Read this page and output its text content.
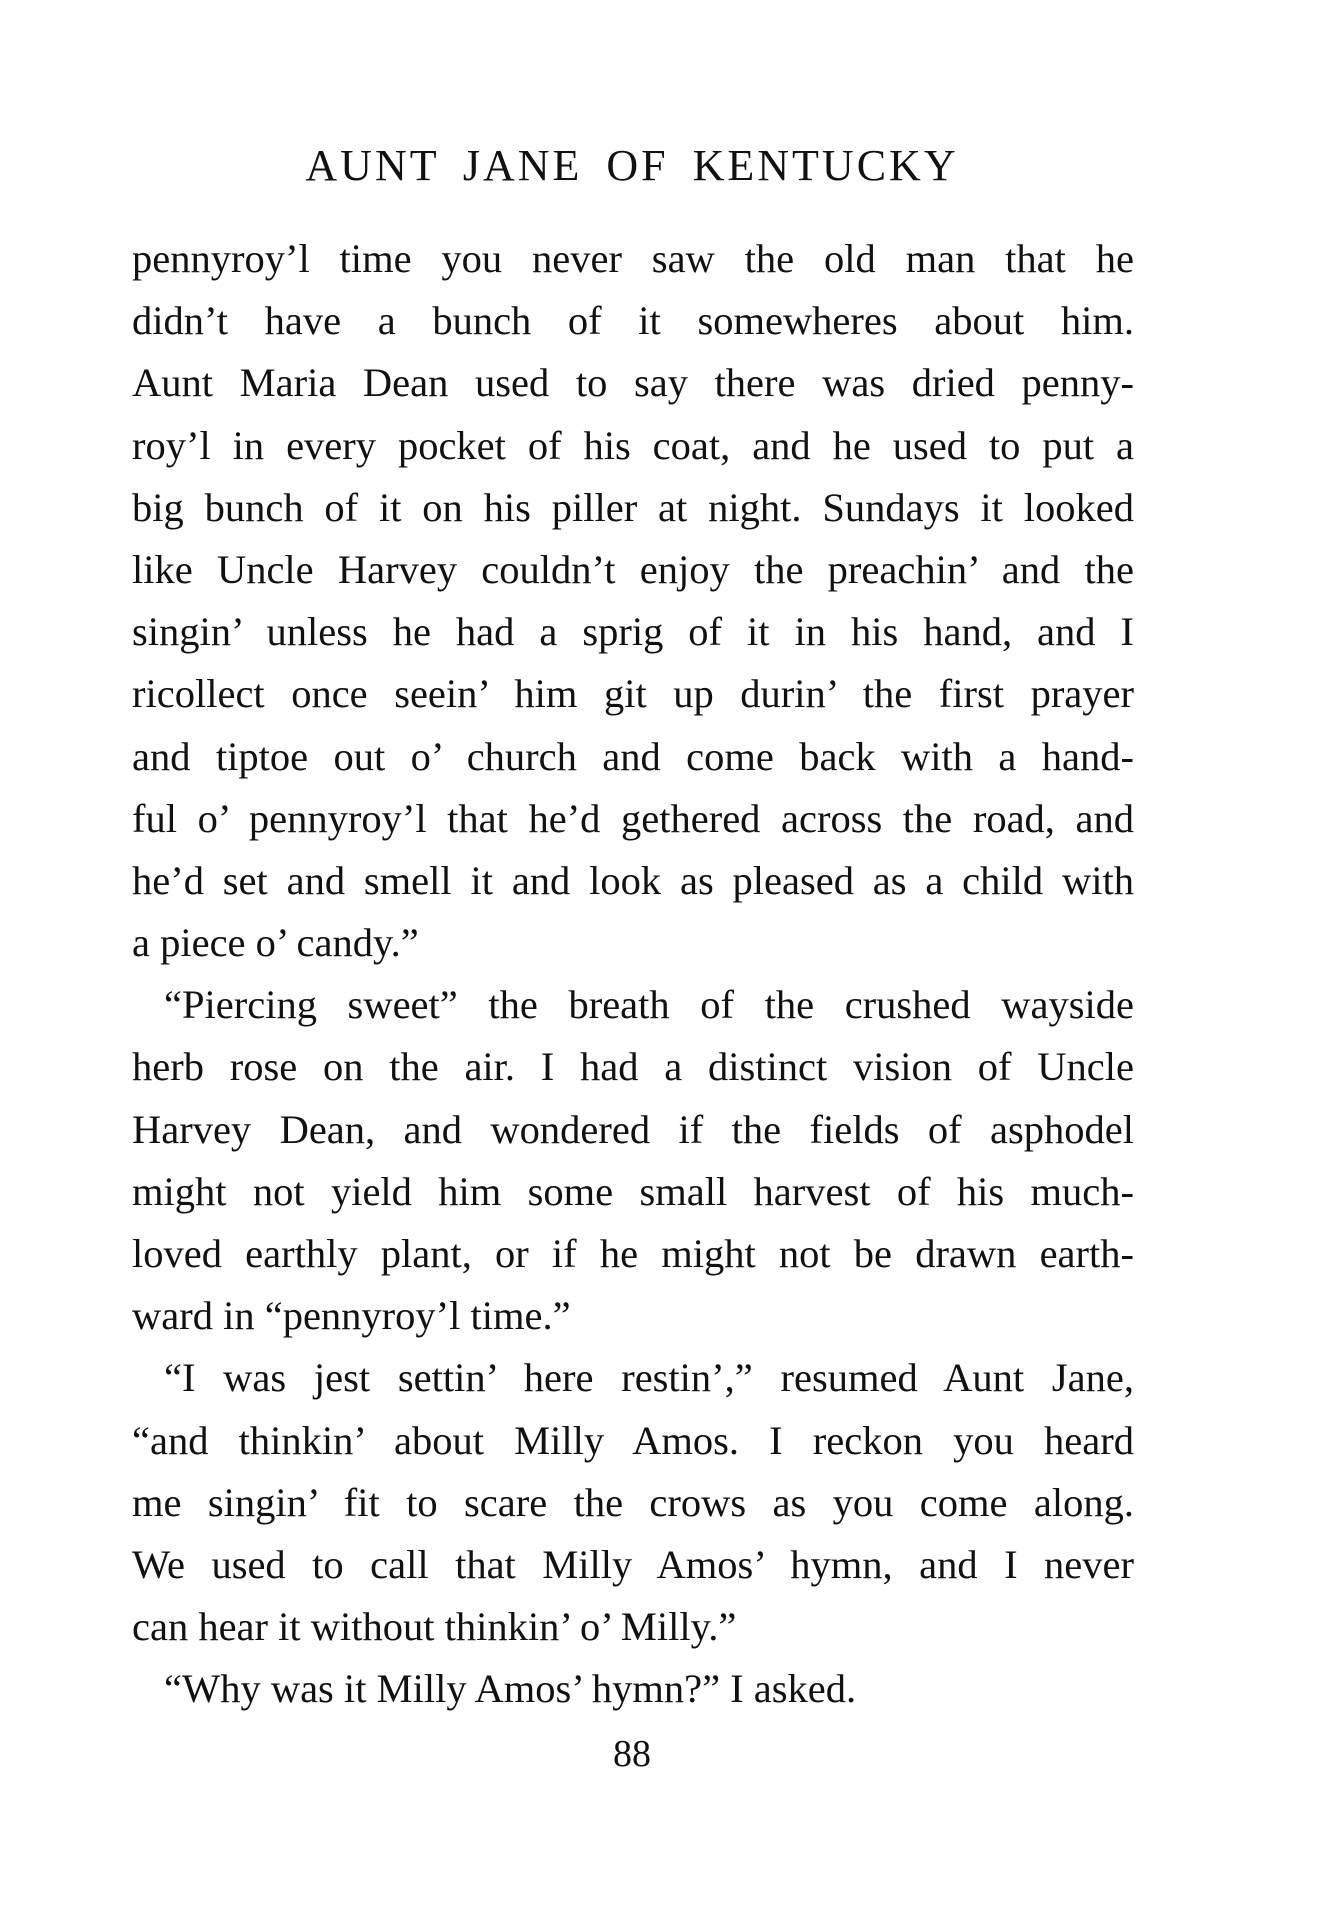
AUNT JANE OF KENTUCKY
pennyroy’l time you never saw the old man that he
didn’t have a bunch of it somewheres about him.
Aunt Maria Dean used to say there was dried penny-
roy’l in every pocket of his coat, and he used to put a
big bunch of it on his piller at night. Sundays it looked
like Uncle Harvey couldn’t enjoy the preachin’ and the
singin’ unless he had a sprig of it in his hand, and I
ricollect once seein’ him git up durin’ the first prayer
and tiptoe out o’ church and come back with a hand-
ful o’ pennyroy’l that he’d gethered across the road, and
he’d set and smell it and look as pleased as a child with
a piece o’ candy.”
“Piercing sweet” the breath of the crushed wayside
herb rose on the air. I had a distinct vision of Uncle
Harvey Dean, and wondered if the fields of asphodel
might not yield him some small harvest of his much-
loved earthly plant, or if he might not be drawn earth-
ward in “pennyroy’l time.”
“I was jest settin’ here restin’,” resumed Aunt Jane,
“and thinkin’ about Milly Amos. I reckon you heard
me singin’ fit to scare the crows as you come along.
We used to call that Milly Amos’ hymn, and I never
can hear it without thinkin’ o’ Milly.”
“Why was it Milly Amos’ hymn?” I asked.
88
